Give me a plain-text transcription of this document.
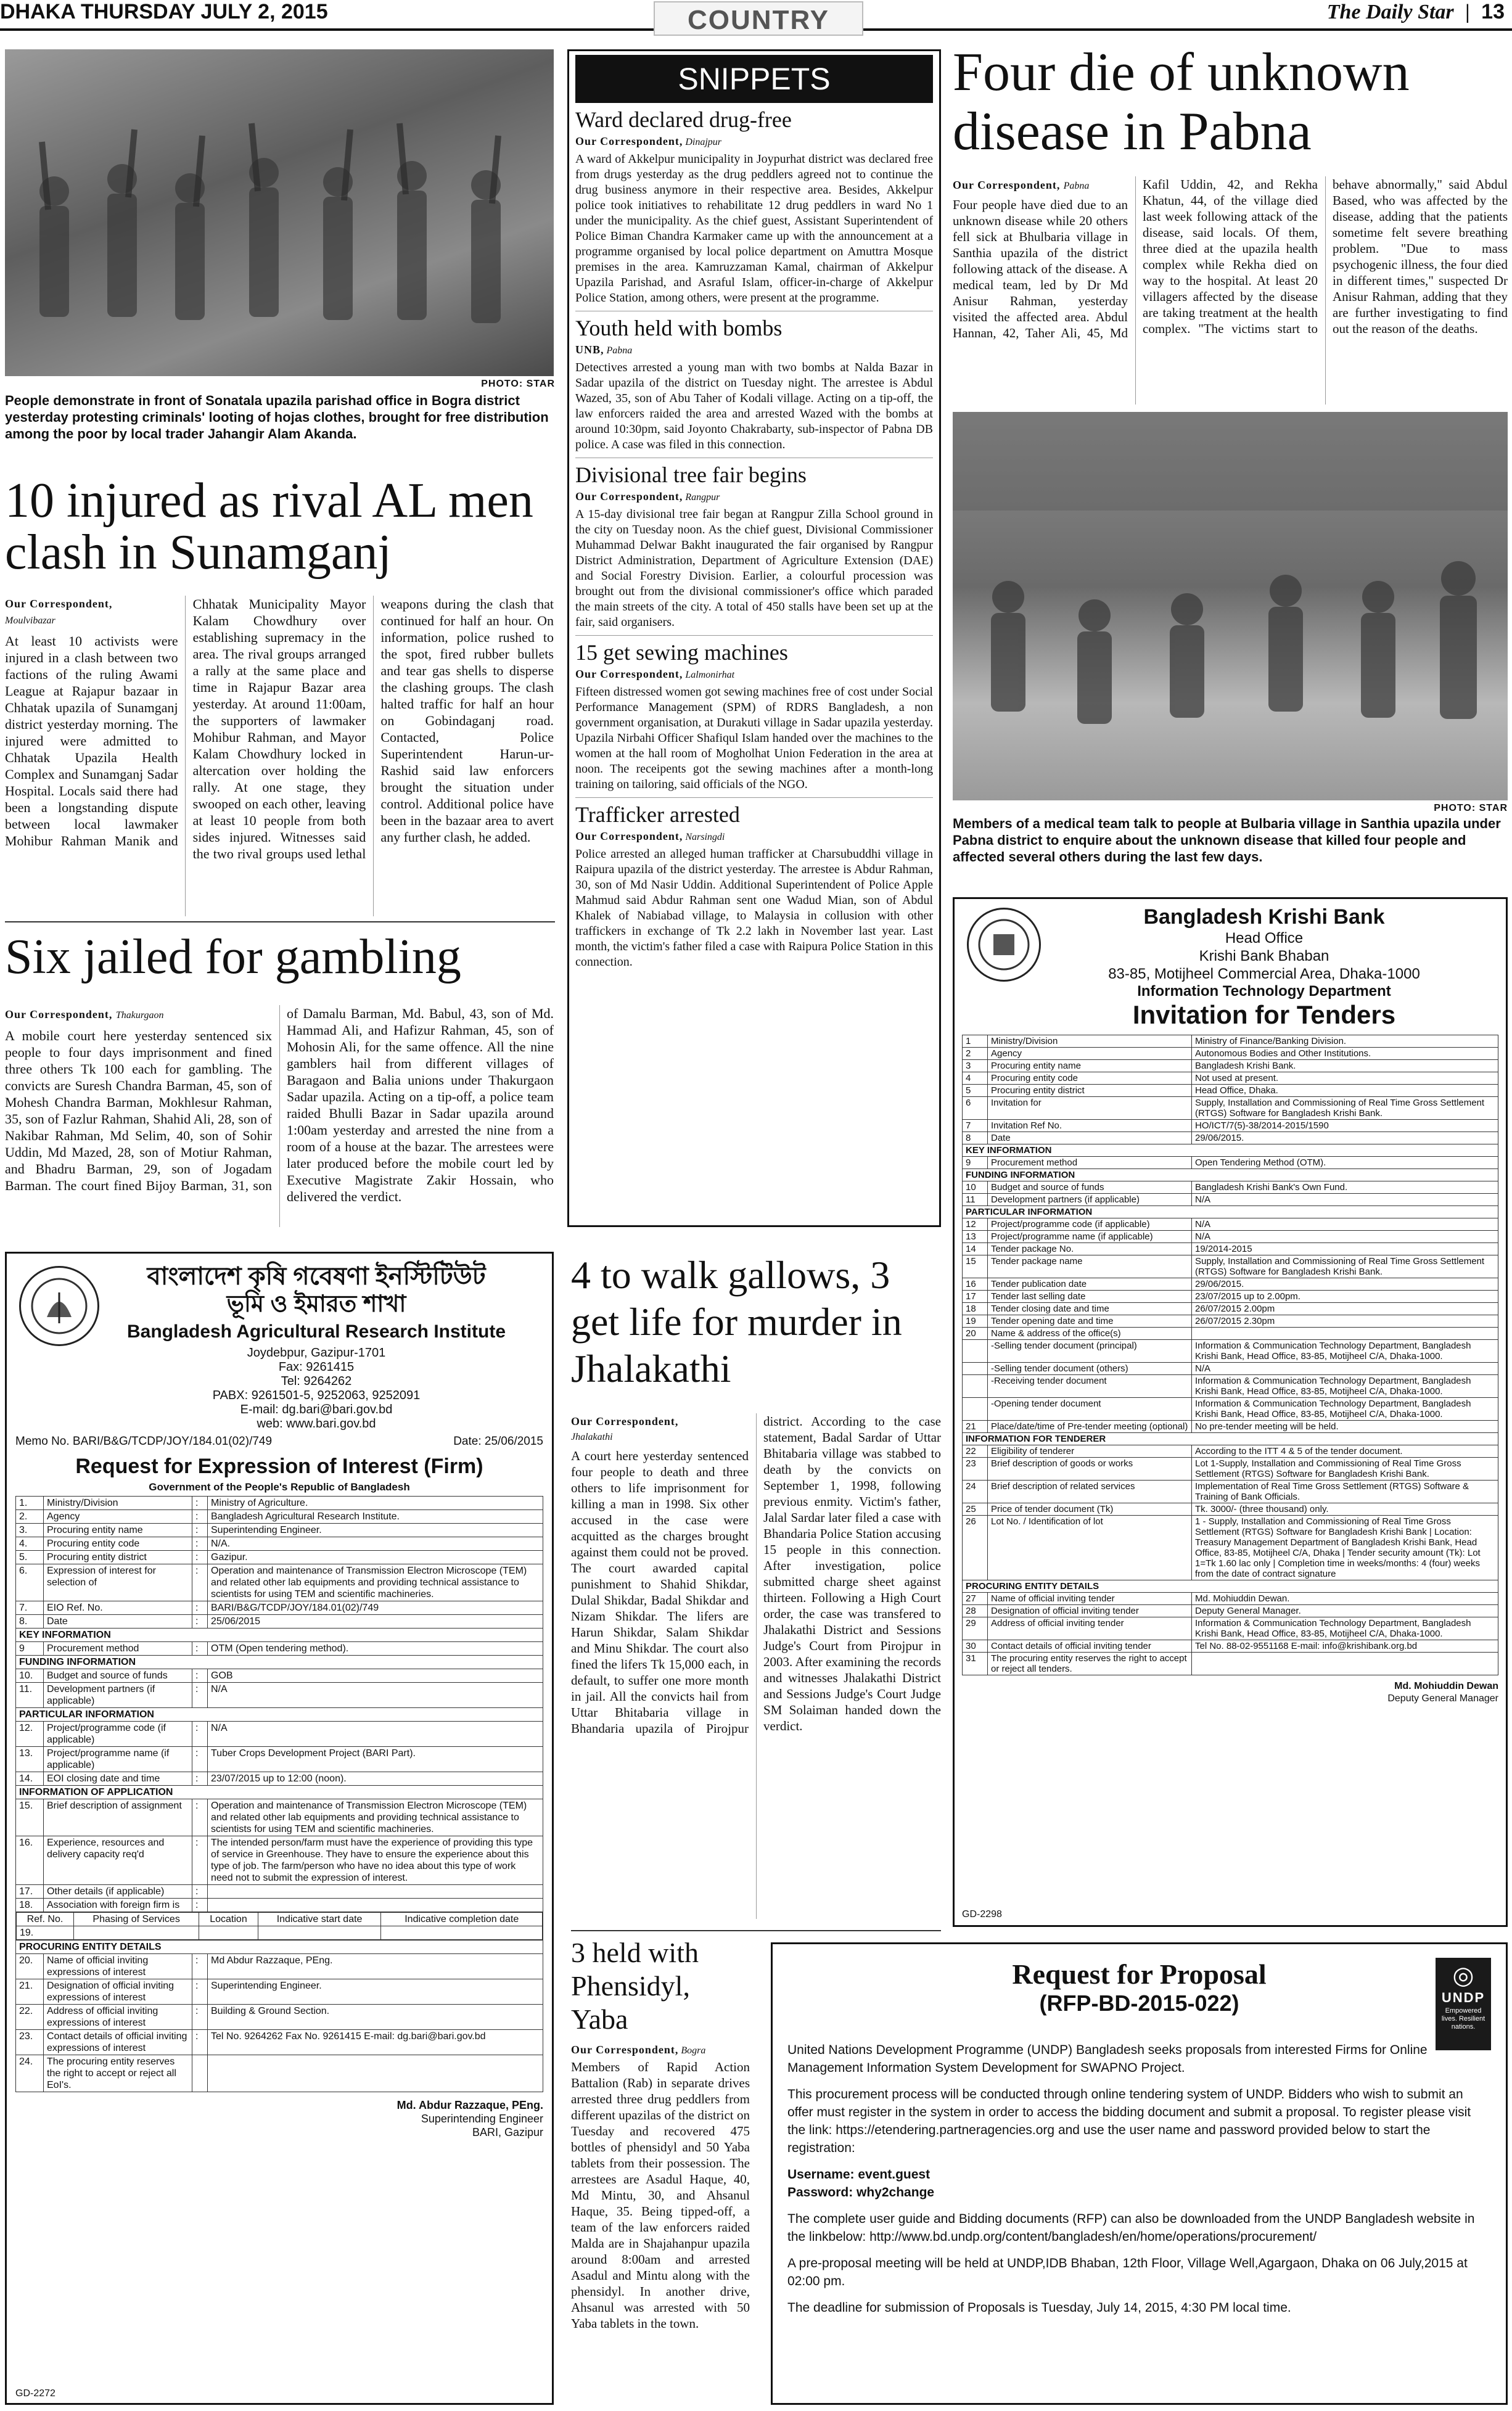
DHAKA THURSDAY JULY 2, 2015	COUNTRY	The Daily Star | 13
PHOTO: STAR
People demonstrate in front of Sonatala upazila parishad office in Bogra district yesterday protesting criminals' looting of hojas clothes, brought for free distribution among the poor by local trader Jahangir Alam Akanda.
10 injured as rival AL men clash in Sunamganj
Our Correspondent,
Moulvibazar
At least 10 activists were injured in a clash between two factions of the ruling Awami League at Rajapur bazaar in Chhatak upazila of Sunamganj district yesterday morning. The injured were admitted to Chhatak Upazila Health Complex and Sunamganj Sadar Hospital. Locals said there had been a longstanding dispute between local lawmaker Mohibur Rahman Manik and Chhatak Municipality Mayor Kalam Chowdhury over establishing supremacy in the area. The rival groups arranged a rally at the same place and time in Rajapur Bazar area yesterday. At around 11:00am, the supporters of lawmaker Mohibur Rahman, and Mayor Kalam Chowdhury locked in altercation over holding the rally. At one stage, they swooped on each other, leaving at least 10 people from both sides injured. Witnesses said the two rival groups used lethal weapons during the clash that continued for half an hour. On information, police rushed to the spot, fired rubber bullets and tear gas shells to disperse the clashing groups. The clash halted traffic for half an hour on Gobindaganj road. Contacted, Police Superintendent Harun-ur-Rashid said law enforcers brought the situation under control. Additional police have been in the bazaar area to avert any further clash, he added.
Six jailed for gambling
Our Correspondent, Thakurgaon
A mobile court here yesterday sentenced six people to four days imprisonment and fined three others Tk 100 each for gambling. The convicts are Suresh Chandra Barman, 45, son of Mohesh Chandra Barman, Mokhlesur Rahman, 35, son of Fazlur Rahman, Shahid Ali, 28, son of Nakibar Rahman, Md Selim, 40, son of Sohir Uddin, Md Mazed, 28, son of Motiur Rahman, and Bhadru Barman, 29, son of Jogadam Barman. The court fined Bijoy Barman, 31, son of Damalu Barman, Md. Babul, 43, son of Md. Hammad Ali, and Hafizur Rahman, 45, son of Mohosin Ali, for the same offence. All the nine gamblers hail from different villages of Baragaon and Balia unions under Thakurgaon Sadar upazila. Acting on a tip-off, a police team raided Bhulli Bazar in Sadar upazila around 1:00am yesterday and arrested the nine from a room of a house at the bazar. The arrestees were later produced before the mobile court led by Executive Magistrate Zakir Hossain, who delivered the verdict.
বাংলাদেশ কৃষি গবেষণা ইনস্টিটিউট
ভূমি ও ইমারত শাখা
Bangladesh Agricultural Research Institute
Joydebpur, Gazipur-1701
Fax: 9261415
Tel: 9264262
PABX: 9261501-5, 9252063, 9252091
E-mail: dg.bari@bari.gov.bd
web: www.bari.gov.bd
Memo No. BARI/B&G/TCDP/JOY/184.01(02)/749	Date: 25/06/2015
Request for Expression of Interest (Firm)
Government of the People's Republic of Bangladesh
1.	Ministry/Division	:	Ministry of Agriculture.
2.	Agency	:	Bangladesh Agricultural Research Institute.
3.	Procuring entity name	:	Superintending Engineer.
4.	Procuring entity code	:	N/A.
5.	Procuring entity district	:	Gazipur.
6.	Expression of interest for selection of	:	Operation and maintenance of Transmission Electron Microscope (TEM) and related other lab equipments and providing technical assistance to scientists for using TEM and scientific machineries.
7.	EIO Ref. No.	:	BARI/B&G/TCDP/JOY/184.01(02)/749
8.	Date	:	25/06/2015
KEY INFORMATION
9	Procurement method	:	OTM (Open tendering method).
FUNDING INFORMATION
10.	Budget and source of funds	:	GOB
11.	Development partners (if applicable)	:	N/A
PARTICULAR INFORMATION
12.	Project/programme code (if applicable)	:	N/A
13.	Project/programme name (if applicable)	:	Tuber Crops Development Project (BARI Part).
14.	EOI closing date and time	:	23/07/2015 up to 12:00 (noon).
INFORMATION OF APPLICATION
15.	Brief description of assignment	:	Operation and maintenance of Transmission Electron Microscope (TEM) and related other lab equipments and providing technical assistance to scientists for using TEM and scientific machineries.
16.	Experience, resources and delivery capacity req'd	:	The intended person/farm must have the experience of providing this type of service in Greenhouse. They have to ensure the experience about this type of job. The farm/person who have no idea about this type of work need not to submit the expression of interest.
17.	Other details (if applicable)	:	
18.	Association with foreign firm is	:	

Ref. No.	Phasing of Services	Location	Indicative start date	Indicative completion date
19.				

PROCURING ENTITY DETAILS
20.	Name of official inviting expressions of interest	:	Md Abdur Razzaque, PEng.
21.	Designation of official inviting expressions of interest	:	Superintending Engineer.
22.	Address of official inviting expressions of interest	:	Building & Ground Section.
23.	Contact details of official inviting expressions of interest	:	Tel No. 9264262 Fax No. 9261415 E-mail: dg.bari@bari.gov.bd
24.	The procuring entity reserves the right to accept or reject all EoI's.		
Md. Abdur Razzaque, PEng.
Superintending Engineer
BARI, Gazipur
GD-2272
SNIPPETS
Ward declared drug-free
Our Correspondent, Dinajpur
A ward of Akkelpur municipality in Joypurhat district was declared free from drugs yesterday as the drug peddlers agreed not to continue the drug business anymore in their respective area. Besides, Akkelpur police took initiatives to rehabilitate 12 drug peddlers in ward No 1 under the municipality. As the chief guest, Assistant Superintendent of Police Biman Chandra Karmaker came up with the announcement at a programme organised by local police department on Amuttra Mosque premises in the area. Kamruzzaman Kamal, chairman of Akkelpur Upazila Parishad, and Asraful Islam, officer-in-charge of Akkelpur Police Station, among others, were present at the programme.
Youth held with bombs
UNB, Pabna
Detectives arrested a young man with two bombs at Nalda Bazar in Sadar upazila of the district on Tuesday night. The arrestee is Abdul Wazed, 35, son of Abu Taher of Kodali village. Acting on a tip-off, the law enforcers raided the area and arrested Wazed with the bombs at around 10:30pm, said Joyonto Chakrabarty, sub-inspector of Pabna DB police. A case was filed in this connection.
Divisional tree fair begins
Our Correspondent, Rangpur
A 15-day divisional tree fair began at Rangpur Zilla School ground in the city on Tuesday noon. As the chief guest, Divisional Commissioner Muhammad Delwar Bakht inaugurated the fair organised by Rangpur District Administration, Department of Agriculture Extension (DAE) and Social Forestry Division. Earlier, a colourful procession was brought out from the divisional commissioner's office which paraded the main streets of the city. A total of 450 stalls have been set up at the fair, said organisers.
15 get sewing machines
Our Correspondent, Lalmonirhat
Fifteen distressed women got sewing machines free of cost under Social Performance Management (SPM) of RDRS Bangladesh, a non government organisation, at Durakuti village in Sadar upazila yesterday. Upazila Nirbahi Officer Shafiqul Islam handed over the machines to the women at the hall room of Mogholhat Union Federation in the area at noon. The receipents got the sewing machines after a month-long training on tailoring, said officials of the NGO.
Trafficker arrested
Our Correspondent, Narsingdi
Police arrested an alleged human trafficker at Charsubuddhi village in Raipura upazila of the district yesterday. The arrestee is Abdur Rahman, 30, son of Md Nasir Uddin. Additional Superintendent of Police Apple Mahmud said Abdur Rahman sent one Wadud Mian, son of Abdul Khalek of Nabiabad village, to Malaysia in collusion with other traffickers in exchange of Tk 2.2 lakh in November last year. Last month, the victim's father filed a case with Raipura Police Station in this connection.
4 to walk gallows, 3 get life for murder in Jhalakathi
Our Correspondent,
Jhalakathi
A court here yesterday sentenced four people to death and three others to life imprisonment for killing a man in 1998. Six other accused in the case were acquitted as the charges brought against them could not be proved. The court awarded capital punishment to Shahid Shikdar, Dulal Shikdar, Badal Shikdar and Nizam Shikdar. The lifers are Harun Shikdar, Salam Shikdar and Minu Shikdar. The court also fined the lifers Tk 15,000 each, in default, to suffer one more month in jail. All the convicts hail from Uttar Bhitabaria village in Bhandaria upazila of Pirojpur district. According to the case statement, Badal Sardar of Uttar Bhitabaria village was stabbed to death by the convicts on September 1, 1998, following previous enmity. Victim's father, Jalal Sardar later filed a case with Bhandaria Police Station accusing 15 people in this connection. After investigation, police submitted charge sheet against thirteen. Following a High Court order, the case was transfered to Jhalakathi District and Sessions Judge's Court from Pirojpur in 2003. After examining the records and witnesses Jhalakathi District and Sessions Judge's Court Judge SM Solaiman handed down the verdict.
3 held with Phensidyl, Yaba
Our Correspondent, Bogra
Members of Rapid Action Battalion (Rab) in separate drives arrested three drug peddlers from different upazilas of the district on Tuesday and recovered 475 bottles of phensidyl and 50 Yaba tablets from their possession. The arrestees are Asadul Haque, 40, Md Mintu, 30, and Ahsanul Haque, 35. Being tipped-off, a team of the law enforcers raided Malda are in Shajahanpur upazila around 8:00am and arrested Asadul and Mintu along with the phensidyl. In another drive, Ahsanul was arrested with 50 Yaba tablets in the town.
Four die of unknown disease in Pabna
Our Correspondent, Pabna
Four people have died due to an unknown disease while 20 others fell sick at Bhulbaria village in Santhia upazila of the district following attack of the disease. A medical team, led by Dr Md Anisur Rahman, yesterday visited the affected area. Abdul Hannan, 42, Taher Ali, 45, Md Kafil Uddin, 42, and Rekha Khatun, 44, of the village died last week following attack of the disease, said locals. Of them, three died at the upazila health complex while Rekha died on way to the hospital. At least 20 villagers affected by the disease are taking treatment at the health complex. "The victims start to behave abnormally," said Abdul Based, who was affected by the disease, adding that the patients sometime felt severe breathing problem. "Due to mass psychogenic illness, the four died in different times," suspected Dr Anisur Rahman, adding that they are further investigating to find out the reason of the deaths.
PHOTO: STAR
Members of a medical team talk to people at Bulbaria village in Santhia upazila under Pabna district to enquire about the unknown disease that killed four people and affected several others during the last few days.
Bangladesh Krishi Bank
Head Office
Krishi Bank Bhaban
83-85, Motijheel Commercial Area, Dhaka-1000
Information Technology Department
Invitation for Tenders
1	Ministry/Division	Ministry of Finance/Banking Division.
2	Agency	Autonomous Bodies and Other Institutions.
3	Procuring entity name	Bangladesh Krishi Bank.
4	Procuring entity code	Not used at present.
5	Procuring entity district	Head Office, Dhaka.
6	Invitation for	Supply, Installation and Commissioning of Real Time Gross Settlement (RTGS) Software for Bangladesh Krishi Bank.
7	Invitation Ref No.	HO/ICT/7(5)-38/2014-2015/1590
8	Date	29/06/2015.
KEY INFORMATION		
9	Procurement method	Open Tendering Method (OTM).
FUNDING INFORMATION		
10	Budget and source of funds	Bangladesh Krishi Bank's Own Fund.
11	Development partners (if applicable)	N/A
PARTICULAR INFORMATION		
12	Project/programme code (if applicable)	N/A
13	Project/programme name (if applicable)	N/A
14	Tender package No.	19/2014-2015
15	Tender package name	Supply, Installation and Commissioning of Real Time Gross Settlement (RTGS) Software for Bangladesh Krishi Bank.
16	Tender publication date	29/06/2015.
17	Tender last selling date	23/07/2015 up to 2.00pm.
18	Tender closing date and time	26/07/2015 2.00pm
19	Tender opening date and time	26/07/2015 2.30pm
20	Name & address of the office(s)	
	-Selling tender document (principal)	Information & Communication Technology Department, Bangladesh Krishi Bank, Head Office, 83-85, Motijheel C/A, Dhaka-1000.
	-Selling tender document (others)	N/A
	-Receiving tender document	Information & Communication Technology Department, Bangladesh Krishi Bank, Head Office, 83-85, Motijheel C/A, Dhaka-1000.
	-Opening tender document	Information & Communication Technology Department, Bangladesh Krishi Bank, Head Office, 83-85, Motijheel C/A, Dhaka-1000.
21	Place/date/time of Pre-tender meeting (optional)	No pre-tender meeting will be held.
INFORMATION FOR TENDERER		
22	Eligibility of tenderer	According to the ITT 4 & 5 of the tender document.
23	Brief description of goods or works	Lot 1-Supply, Installation and Commissioning of Real Time Gross Settlement (RTGS) Software for Bangladesh Krishi Bank.
24	Brief description of related services	Implementation of Real Time Gross Settlement (RTGS) Software & Training of Bank Officials.
25	Price of tender document (Tk)	Tk. 3000/- (three thousand) only.
26	Lot No. / Identification of lot	1 - Supply, Installation and Commissioning of Real Time Gross Settlement (RTGS) Software for Bangladesh Krishi Bank | Location: Treasury Management Department of Bangladesh Krishi Bank, Head Office, 83-85, Motijheel C/A, Dhaka | Tender security amount (Tk): Lot 1=Tk 1.60 lac only | Completion time in weeks/months: 4 (four) weeks from the date of contract signature
PROCURING ENTITY DETAILS		
27	Name of official inviting tender	Md. Mohiuddin Dewan.
28	Designation of official inviting tender	Deputy General Manager.
29	Address of official inviting tender	Information & Communication Technology Department, Bangladesh Krishi Bank, Head Office, 83-85, Motijheel C/A, Dhaka-1000.
30	Contact details of official inviting tender	Tel No. 88-02-9551168 E-mail: info@krishibank.org.bd
31	The procuring entity reserves the right to accept or reject all tenders.	
Md. Mohiuddin Dewan
Deputy General Manager
GD-2298
Request for Proposal
(RFP-BD-2015-022)
◎
UNDP
Empowered lives. Resilient nations.

United Nations Development Programme (UNDP) Bangladesh seeks proposals from interested Firms for Online Management Information System Development for SWAPNO Project.

This procurement process will be conducted through online tendering system of UNDP. Bidders who wish to submit an offer must register in the system in order to access the bidding document and submit a proposal. To register please visit the link: https://etendering.partneragencies.org and use the user name and password provided below to start the registration:

Username: event.guest

Password: why2change

The complete user guide and Bidding documents (RFP) can also be downloaded from the UNDP Bangladesh website in the linkbelow: http://www.bd.undp.org/content/bangladesh/en/home/operations/procurement/

A pre-proposal meeting will be held at UNDP,IDB Bhaban, 12th Floor, Village Well,Agargaon, Dhaka on 06 July,2015 at 02:00 pm.

The deadline for submission of Proposals is Tuesday, July 14, 2015, 4:30 PM local time.
